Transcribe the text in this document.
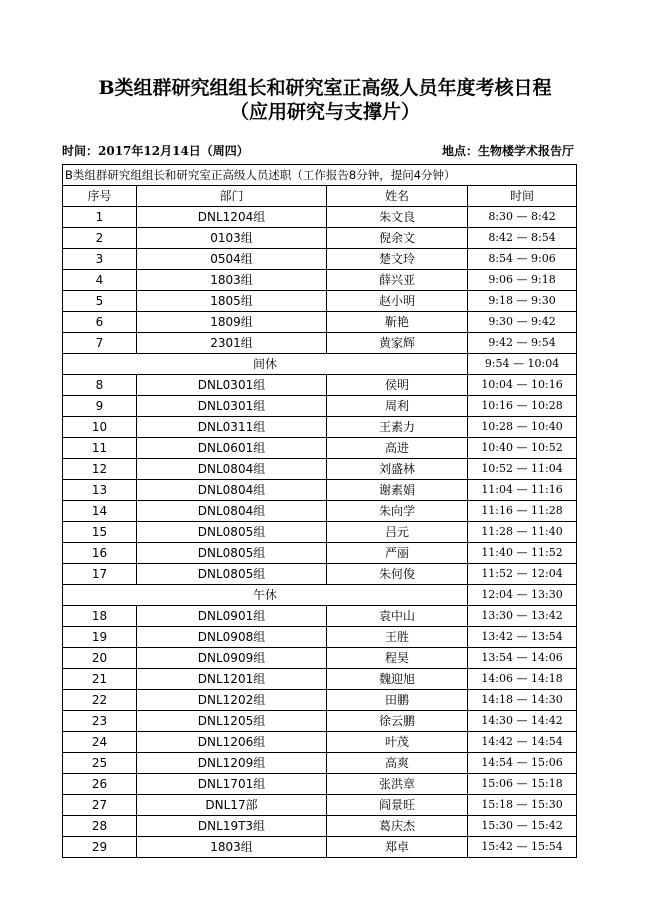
B类组群研究组组长和研究室正高级人员年度考核日程
（应用研究与支撑片）
时间：2017年12月14日（周四）	地点：生物楼学术报告厅
B类组群研究组组长和研究室正高级人员述职（工作报告8分钟，提问4分钟）			
序号	部门	姓名	时间
1	DNL1204组	朱文良	8:30 — 8:42
2	0103组	倪余文	8:42 — 8:54
3	0504组	楚文玲	8:54 — 9:06
4	1803组	薛兴亚	9:06 — 9:18
5	1805组	赵小明	9:18 — 9:30
6	1809组	靳艳	9:30 — 9:42
7	2301组	黄家辉	9:42 — 9:54
间休			9:54 — 10:04
8	DNL0301组	侯明	10:04 — 10:16
9	DNL0301组	周利	10:16 — 10:28
10	DNL0311组	王素力	10:28 — 10:40
11	DNL0601组	高进	10:40 — 10:52
12	DNL0804组	刘盛林	10:52 — 11:04
13	DNL0804组	谢素娟	11:04 — 11:16
14	DNL0804组	朱向学	11:16 — 11:28
15	DNL0805组	吕元	11:28 — 11:40
16	DNL0805组	严丽	11:40 — 11:52
17	DNL0805组	朱何俊	11:52 — 12:04
午休			12:04 — 13:30
18	DNL0901组	袁中山	13:30 — 13:42
19	DNL0908组	王胜	13:42 — 13:54
20	DNL0909组	程昊	13:54 — 14:06
21	DNL1201组	魏迎旭	14:06 — 14:18
22	DNL1202组	田鹏	14:18 — 14:30
23	DNL1205组	徐云鹏	14:30 — 14:42
24	DNL1206组	叶茂	14:42 — 14:54
25	DNL1209组	高爽	14:54 — 15:06
26	DNL1701组	张洪章	15:06 — 15:18
27	DNL17部	阎景旺	15:18 — 15:30
28	DNL19T3组	葛庆杰	15:30 — 15:42
29	1803组	郑卓	15:42 — 15:54
